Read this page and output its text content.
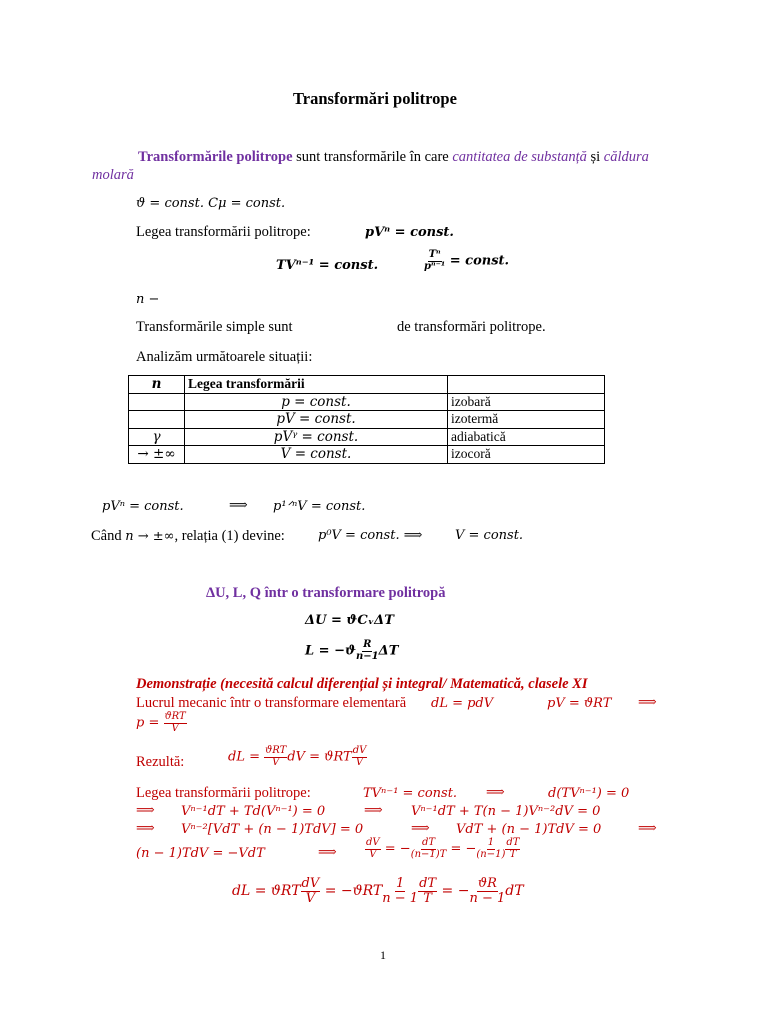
Transformări politrope
Transformările politrope sunt transformările în care cantitatea de substanță și căldura
molară
ϑ = const. Cμ = const.
Legea transformării politrope:	pVⁿ = const.
TVⁿ⁻¹ = const.	$\frac{\text{Tⁿ}}{\text{pⁿ⁻¹}}$ = const.
n −
Transformările simple sunt	de transformări politrope.
Analizăm următoarele situații:
n	Legea transformării	
	p = const.	izobară
	pV = const.	izotermă
γ	pVᵞ = const.	adiabatică
→ ±∞	V = const.	izocoră
pVⁿ = const.	⟹ p¹ᐟⁿV = const.
Când n → ±∞, relația (1) devine:	p⁰V = const. ⟹	V = const.
ΔU, L, Q într o transformare politropă
ΔU = ϑCᵥΔT
$L = -ϑ \frac{R}{n-1}$ ΔT
Demonstrație (necesită calcul diferențial și integral/ Matematică, clasele XI
Lucrul mecanic într o transformare elementară dL = pdV	pV = ϑRT ⟹
$p = \frac{\text{ϑRT}}{V}$
Rezultă:	dL = $\frac{\text{ϑRT}}{V}$ dV = ϑRT $\frac{dV}{V}$
Legea transformării politrope:	TVⁿ⁻¹ = const. ⟹	d(TVⁿ⁻¹) = 0
⟹ Vⁿ⁻¹dT + Td(Vⁿ⁻¹) = 0	⟹ Vⁿ⁻¹dT + T(n − 1)Vⁿ⁻²dV = 0
⟹ Vⁿ⁻²[VdT + (n − 1)TdV] = 0	⟹ VdT + (n − 1)TdV = 0	⟹
(n − 1)TdV = −VdT	⟹	$\frac{dV}{V}$ = − $\frac{dT}{(n-1)T}$ = − $\frac{1}{(n-1)} \frac{dT}{T}$
dL = ϑRT $\frac{dV}{V} = -ϑRT \frac{1}{n - 1} \frac{dT}{T}$ = − $\frac{ϑR}{n - 1}$ dT
1
